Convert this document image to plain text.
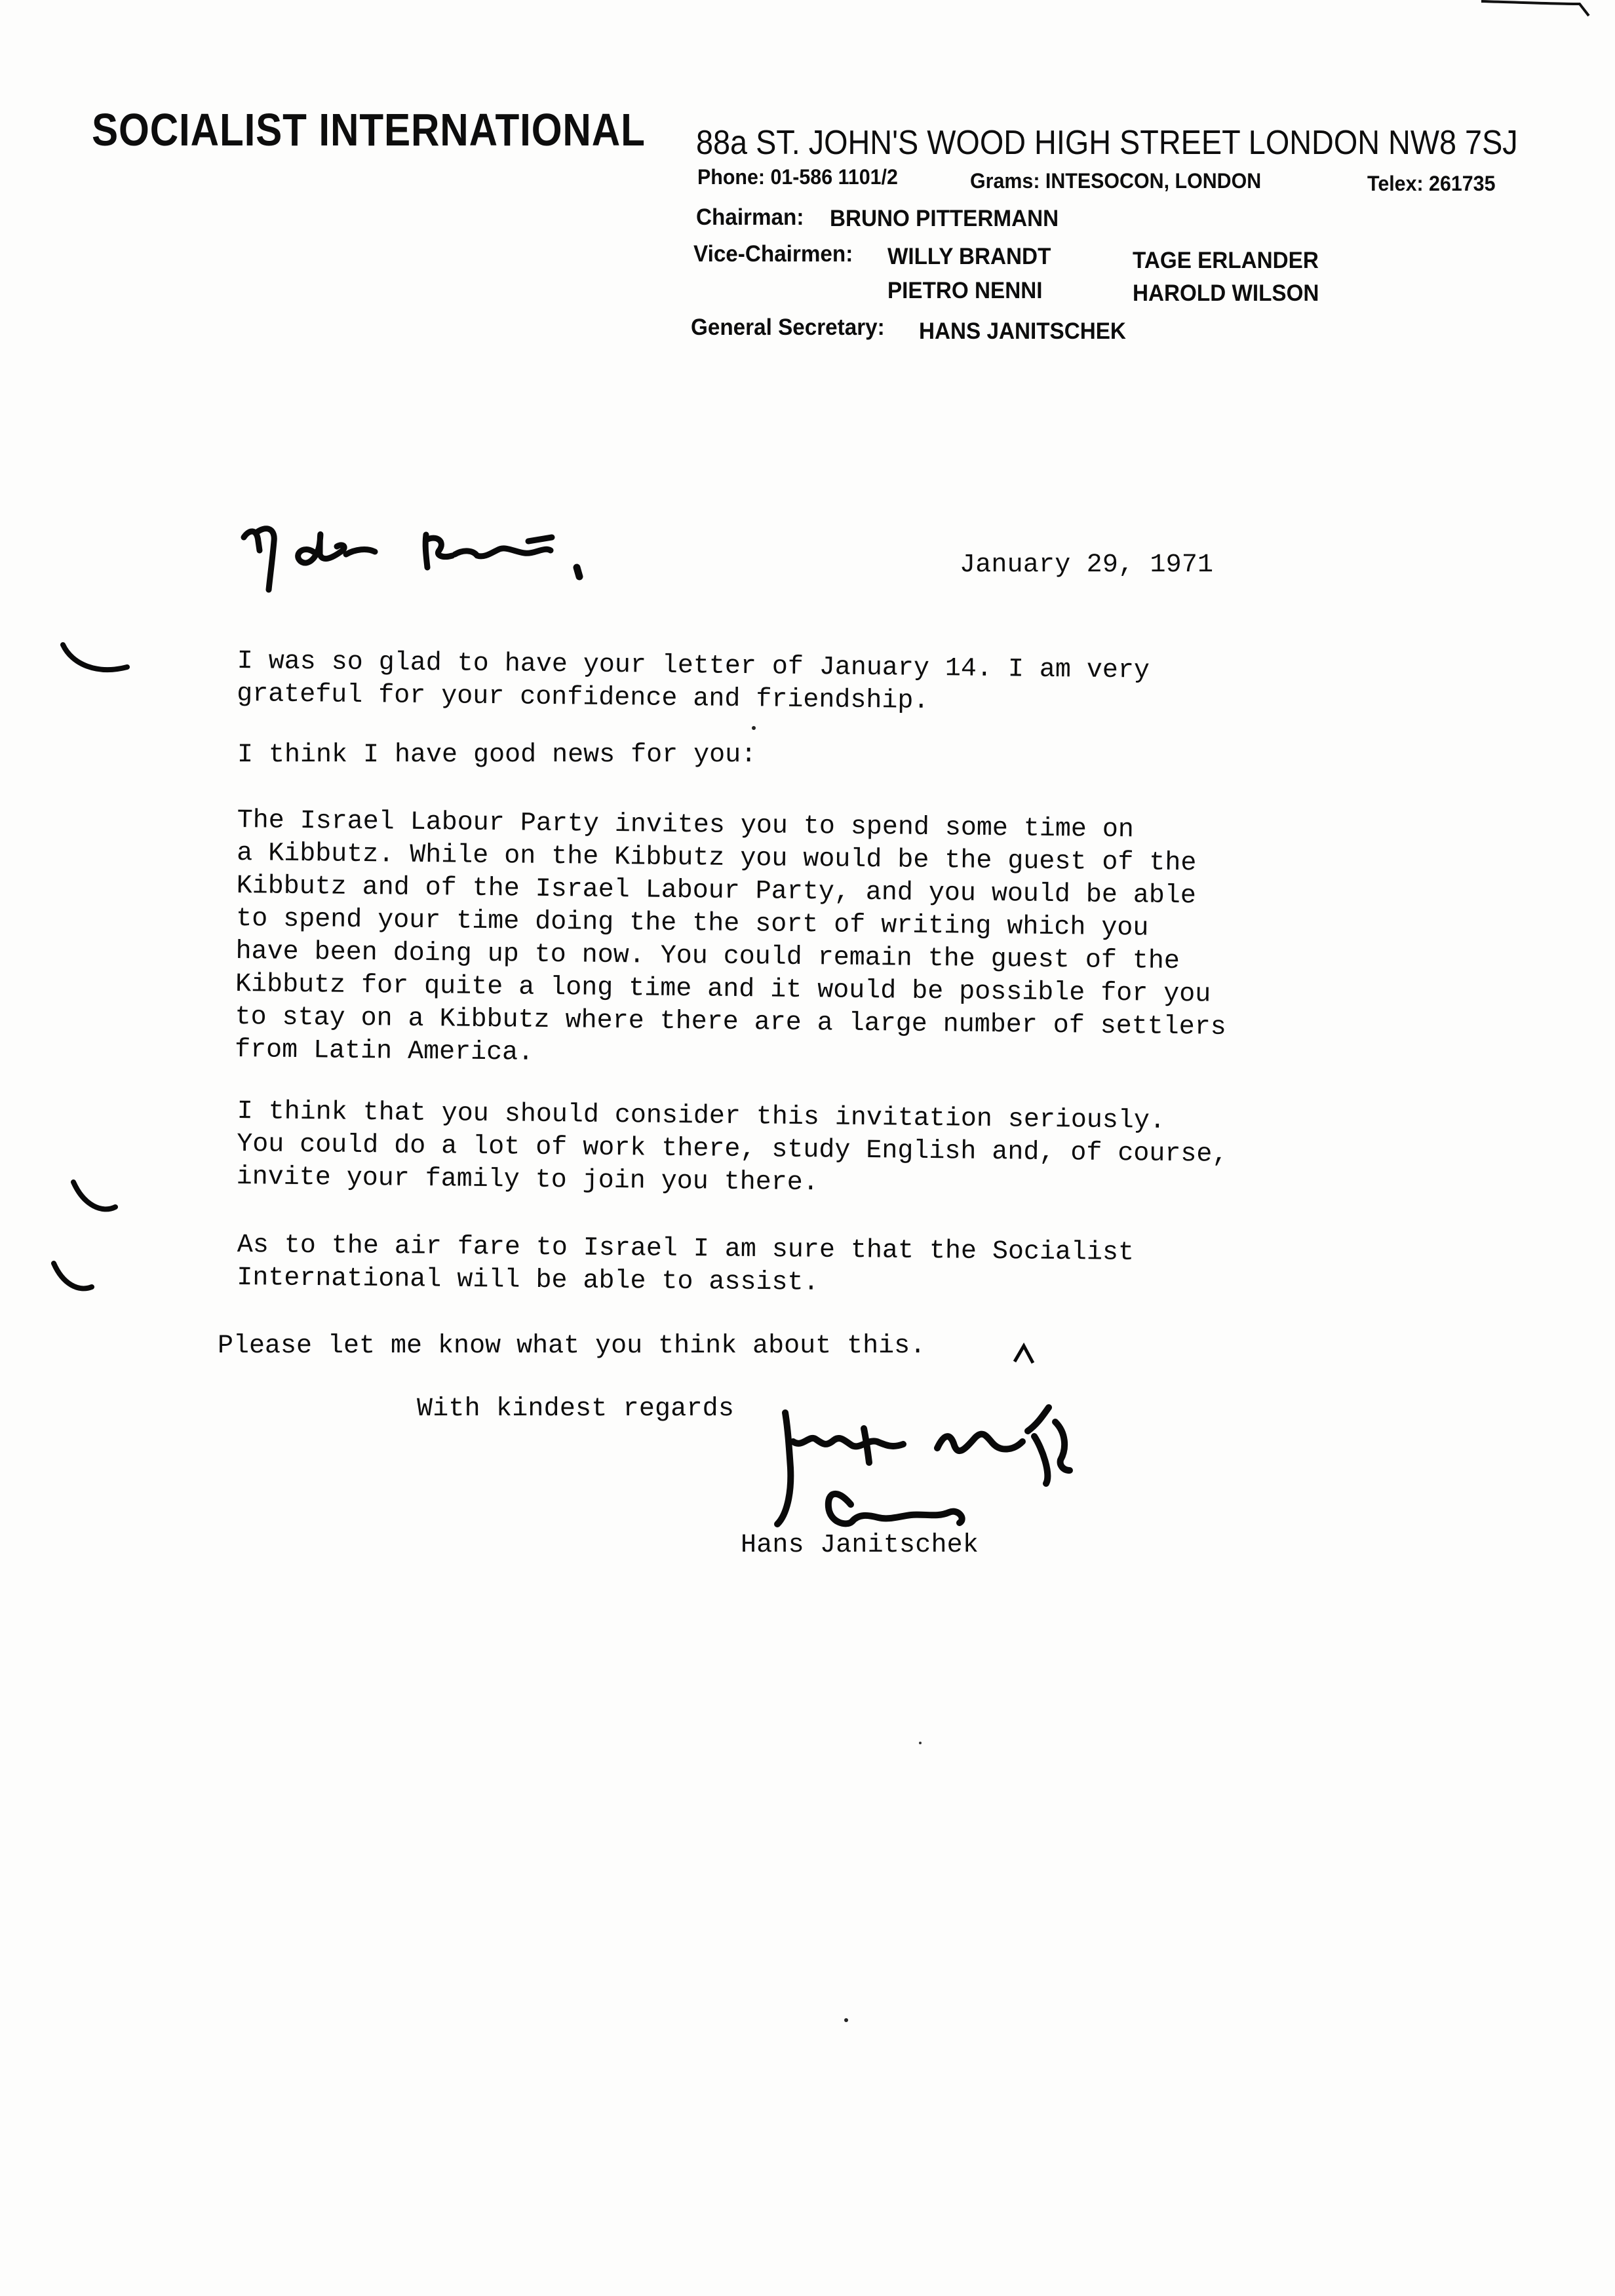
SOCIALIST INTERNATIONAL 88a ST. JOHN'S WOOD HIGH STREET LONDON NW8 7SJ
Phone: 01-586 1101/2	Grams: INTESOCON, LONDON	Telex: 261735
Chairman: BRUNO PITTERMANN
Vice-Chairmen: WILLY BRANDT	TAGE ERLANDER
PIETRO NENNI	HAROLD WILSON
General Secretary: HANS JANITSCHEK
January 29, 1971
I was so glad to have your letter of January 14. I am very
grateful for your confidence and friendship.
I think I have good news for you:
The Israel Labour Party invites you to spend some time on
a Kibbutz. While on the Kibbutz you would be the guest of the
Kibbutz and of the Israel Labour Party, and you would be able
to spend your time doing the the sort of writing which you
have been doing up to now. You could remain the guest of the
Kibbutz for quite a long time and it would be possible for you
to stay on a Kibbutz where there are a large number of settlers
from Latin America.
I think that you should consider this invitation seriously.
You could do a lot of work there, study English and, of course,
invite your family to join you there.
As to the air fare to Israel I am sure that the Socialist
International will be able to assist.
Please let me know what you think about this.
With kindest regards
Hans Janitschek
